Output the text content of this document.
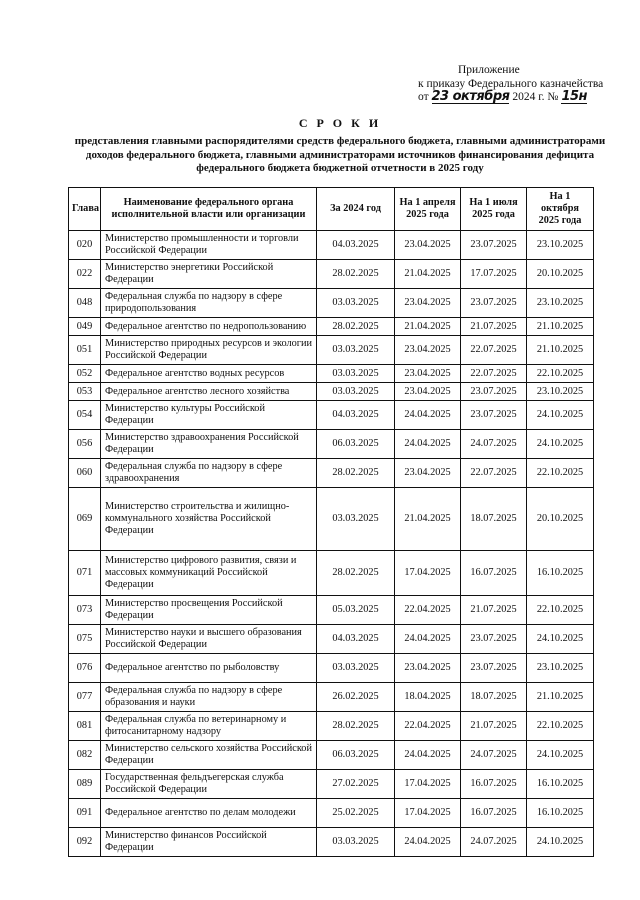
Приложение
к приказу Федерального казначейства
от 23 октября 2024 г. № 15н
С Р О К И
представления главными распорядителями средств федерального бюджета, главными администраторами доходов федерального бюджета, главными администраторами источников финансирования дефицита федерального бюджета бюджетной отчетности в 2025 году
Глава	Наименование федерального органа исполнительной власти или организации	За 2024 год	На 1 апреля 2025 года	На 1 июля 2025 года	На 1 октября 2025 года
020	Министерство промышленности и торговли Российской Федерации	04.03.2025	23.04.2025	23.07.2025	23.10.2025
022	Министерство энергетики Российской Федерации	28.02.2025	21.04.2025	17.07.2025	20.10.2025
048	Федеральная служба по надзору в сфере природопользования	03.03.2025	23.04.2025	23.07.2025	23.10.2025
049	Федеральное агентство по недропользованию	28.02.2025	21.04.2025	21.07.2025	21.10.2025
051	Министерство природных ресурсов и экологии Российской Федерации	03.03.2025	23.04.2025	22.07.2025	21.10.2025
052	Федеральное агентство водных ресурсов	03.03.2025	23.04.2025	22.07.2025	22.10.2025
053	Федеральное агентство лесного хозяйства	03.03.2025	23.04.2025	23.07.2025	23.10.2025
054	Министерство культуры Российской Федерации	04.03.2025	24.04.2025	23.07.2025	24.10.2025
056	Министерство здравоохранения Российской Федерации	06.03.2025	24.04.2025	24.07.2025	24.10.2025
060	Федеральная служба по надзору в сфере здравоохранения	28.02.2025	23.04.2025	22.07.2025	22.10.2025
069	Министерство строительства и жилищно-коммунального хозяйства Российской Федерации	03.03.2025	21.04.2025	18.07.2025	20.10.2025
071	Министерство цифрового развития, связи и массовых коммуникаций Российской Федерации	28.02.2025	17.04.2025	16.07.2025	16.10.2025
073	Министерство просвещения Российской Федерации	05.03.2025	22.04.2025	21.07.2025	22.10.2025
075	Министерство науки и высшего образования Российской Федерации	04.03.2025	24.04.2025	23.07.2025	24.10.2025
076	Федеральное агентство по рыболовству	03.03.2025	23.04.2025	23.07.2025	23.10.2025
077	Федеральная служба по надзору в сфере образования и науки	26.02.2025	18.04.2025	18.07.2025	21.10.2025
081	Федеральная служба по ветеринарному и фитосанитарному надзору	28.02.2025	22.04.2025	21.07.2025	22.10.2025
082	Министерство сельского хозяйства Российской Федерации	06.03.2025	24.04.2025	24.07.2025	24.10.2025
089	Государственная фельдъегерская служба Российской Федерации	27.02.2025	17.04.2025	16.07.2025	16.10.2025
091	Федеральное агентство по делам молодежи	25.02.2025	17.04.2025	16.07.2025	16.10.2025
092	Министерство финансов Российской Федерации	03.03.2025	24.04.2025	24.07.2025	24.10.2025
